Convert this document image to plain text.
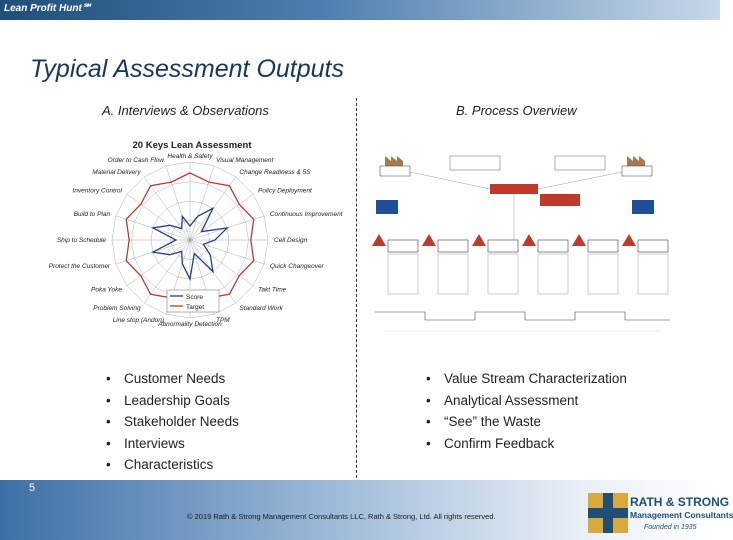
Lean Profit Hunt℠
Typical Assessment Outputs
A. Interviews & Observations	B. Process Overview
20 Keys Lean Assessment
Health & Safety
Visual Management
Change Readiness & 5S
Policy Deployment
Continuous Improvement
Cell Design
Quick Changeover
Takt Time
Standard Work
TPM
Abnormality Detection
Line stop (Andon)
Problem Solving
Poka Yoke
Protect the Customer
Ship to Schedule
Build to Plan
Inventory Control
Material Delivery
Order to Cash Flow
Score
Target
• Customer Needs
• Leadership Goals
• Stakeholder Needs
• Interviews
• Characteristics
• Value Stream Characterization
• Analytical Assessment
• “See” the Waste
• Confirm Feedback
5
© 2019 Rath & Strong Management Consultants LLC, Rath & Strong, Ltd. All rights reserved.
RATH & STRONG
Management Consultants
Founded in 1935
